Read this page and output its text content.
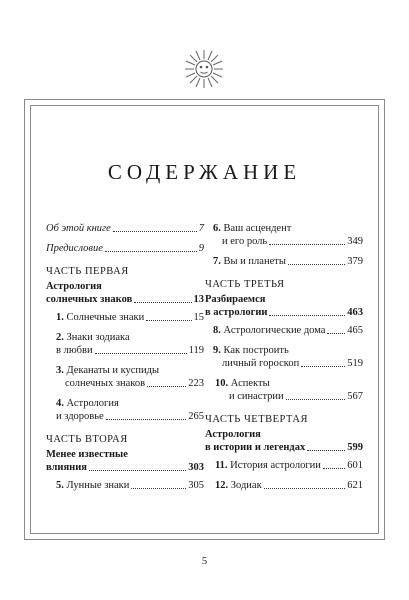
СОДЕРЖАНИЕ
Об этой книге	7
Предисловие	9
ЧАСТЬ ПЕРВАЯ
Астрология
солнечных знаков	13
1. Солнечные знаки	15
2. Знаки зодиака
в любви	119
3. Деканаты и куспиды
солнечных знаков	223
4. Астрология
и здоровье	265
ЧАСТЬ ВТОРАЯ
Менее известные
влияния	303
5. Лунные знаки	305
6. Ваш асцендент
и его роль	349
7. Вы и планеты	379
ЧАСТЬ ТРЕТЬЯ
Разбираемся
в астрологии	463
8. Астрологические дома 465
9. Как построить
личный гороскоп	519
10. Аспекты
и синастрии	567
ЧАСТЬ ЧЕТВЕРТАЯ
Астрология
в истории и легендах	599
11. История астрологии	601
12. Зодиак	621
5
